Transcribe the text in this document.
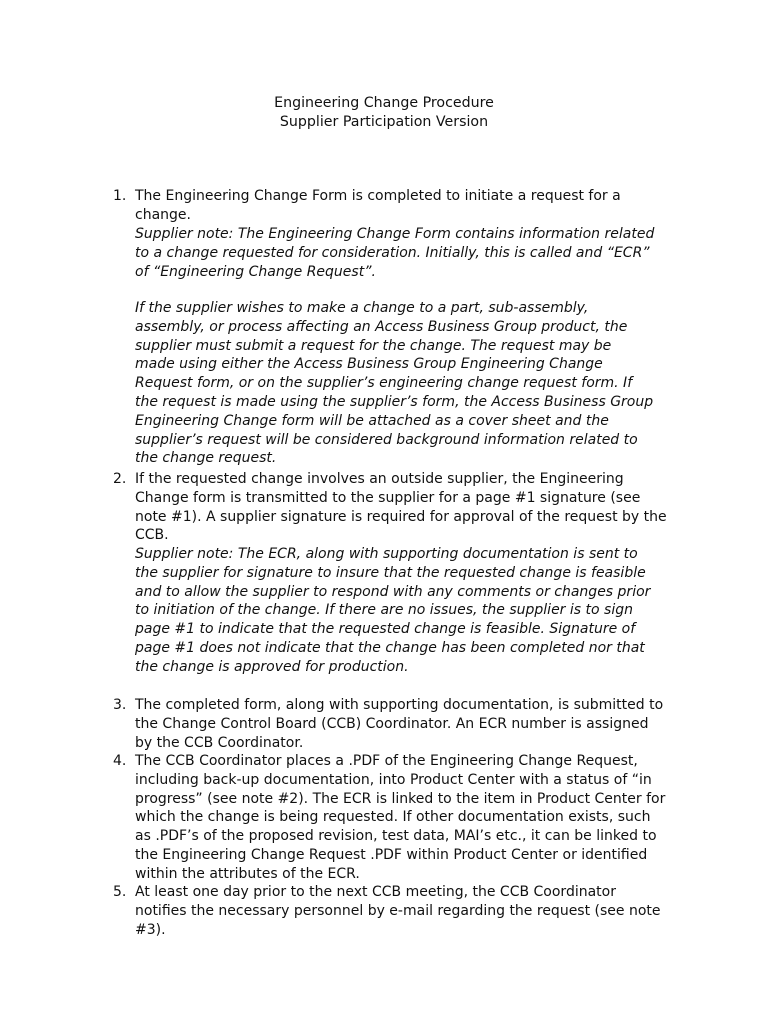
Engineering Change Procedure
Supplier Participation Version
1. The Engineering Change Form is completed to initiate a request for a change.
Supplier note: The Engineering Change Form contains information related to a change requested for consideration. Initially, this is called and “ECR” of “Engineering Change Request”.
If the supplier wishes to make a change to a part, sub-assembly, assembly, or process affecting an Access Business Group product, the supplier must submit a request for the change. The request may be made using either the Access Business Group Engineering Change Request form, or on the supplier’s engineering change request form. If the request is made using the supplier’s form, the Access Business Group Engineering Change form will be attached as a cover sheet and the supplier’s request will be considered background information related to the change request.
2. If the requested change involves an outside supplier, the Engineering Change form is transmitted to the supplier for a page #1 signature (see note #1). A supplier signature is required for approval of the request by the CCB.
Supplier note: The ECR, along with supporting documentation is sent to the supplier for signature to insure that the requested change is feasible and to allow the supplier to respond with any comments or changes prior to initiation of the change. If there are no issues, the supplier is to sign page #1 to indicate that the requested change is feasible. Signature of page #1 does not indicate that the change has been completed nor that the change is approved for production.
3. The completed form, along with supporting documentation, is submitted to the Change Control Board (CCB) Coordinator. An ECR number is assigned by the CCB Coordinator.
4. The CCB Coordinator places a .PDF of the Engineering Change Request, including back-up documentation, into Product Center with a status of “in progress” (see note #2). The ECR is linked to the item in Product Center for which the change is being requested. If other documentation exists, such as .PDF’s of the proposed revision, test data, MAI’s etc., it can be linked to the Engineering Change Request .PDF within Product Center or identified within the attributes of the ECR.
5. At least one day prior to the next CCB meeting, the CCB Coordinator notifies the necessary personnel by e-mail regarding the request (see note #3).
